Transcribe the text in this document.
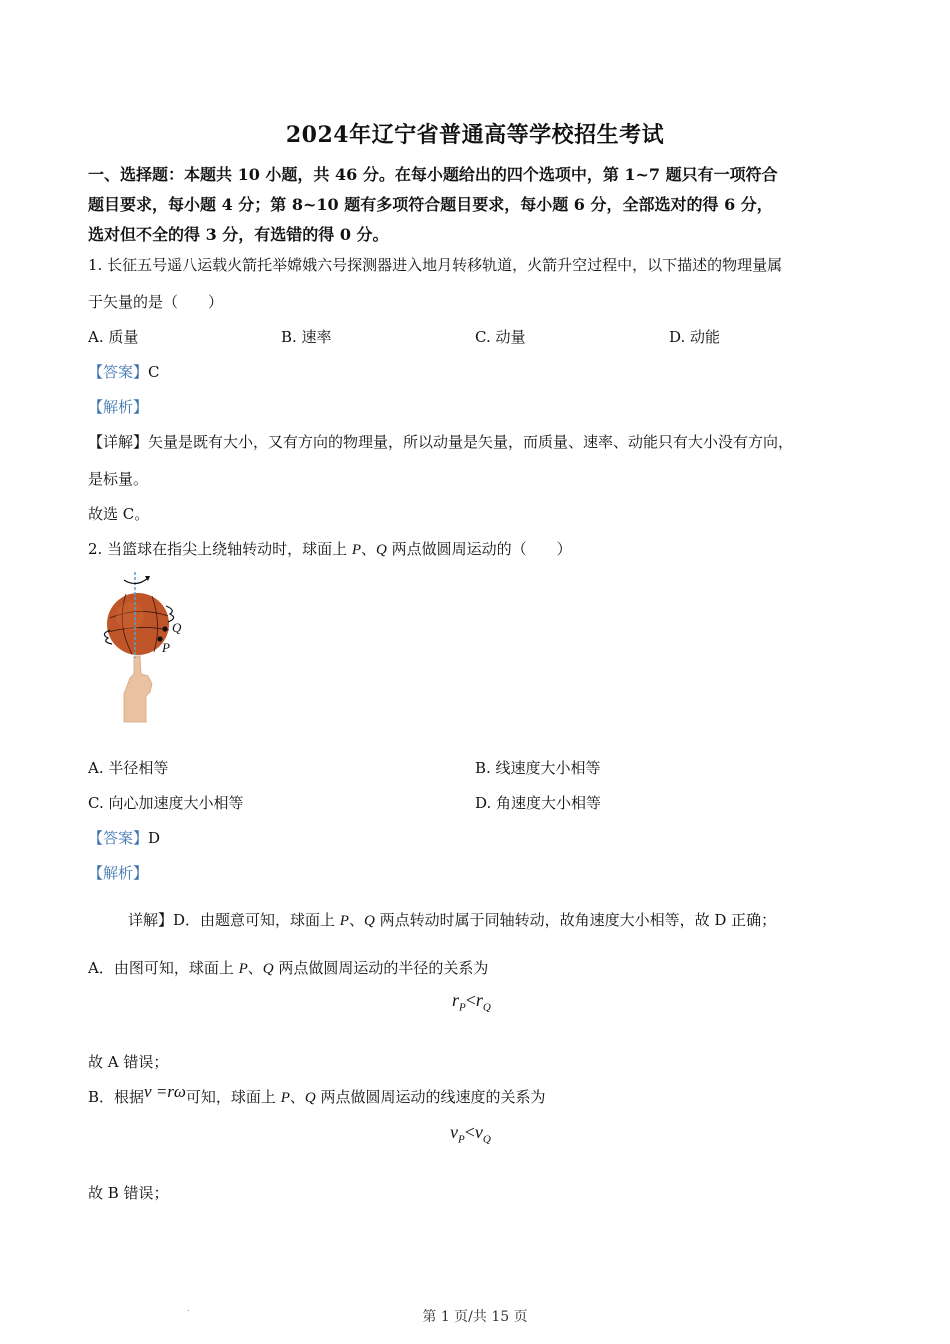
2024年辽宁省普通高等学校招生考试
一、选择题：本题共 10 小题，共 46 分。在每小题给出的四个选项中，第 1~7 题只有一项符合
题目要求，每小题 4 分；第 8~10 题有多项符合题目要求，每小题 6 分，全部选对的得 6 分，
选对但不全的得 3 分，有选错的得 0 分。
1. 长征五号遥八运载火箭托举嫦娥六号探测器进入地月转移轨道，火箭升空过程中，以下描述的物理量属
于矢量的是（　　）
A. 质量	B. 速率	C. 动量	D. 动能
【答案】C
【解析】
【详解】矢量是既有大小，又有方向的物理量，所以动量是矢量，而质量、速率、动能只有大小没有方向，
是标量。
故选 C。
2. 当篮球在指尖上绕轴转动时，球面上 P、Q 两点做圆周运动的（　　）
Q
P
A. 半径相等	B. 线速度大小相等
C. 向心加速度大小相等	D. 角速度大小相等
【答案】D
【解析】
详解】D．由题意可知，球面上 P、Q 两点转动时属于同轴转动，故角速度大小相等，故 D 正确；
A．由图可知，球面上 P、Q 两点做圆周运动的半径的关系为
$r_P<r_Q$
故 A 错误；
B．根据v =rω可知，球面上 P、Q 两点做圆周运动的线速度的关系为
$v_P<v_Q$
故 B 错误；
第 1 页/共 15 页
